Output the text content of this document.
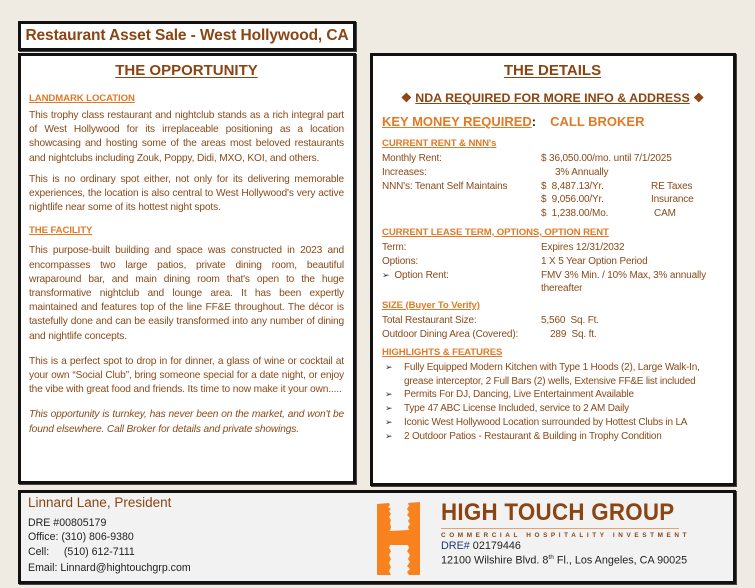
Restaurant Asset Sale - West Hollywood, CA
THE OPPORTUNITY
LANDMARK LOCATION

This trophy class restaurant and nightclub stands as a rich integral part of West Hollywood for its irreplaceable positioning as a location showcasing and hosting some of the areas most beloved restaurants and nightclubs including Zouk, Poppy, Didi, MXO, KOI, and others.

This is no ordinary spot either, not only for its delivering memorable experiences, the location is also central to West Hollywood's very active nightlife near some of its hottest night spots.

THE FACILITY

This purpose-built building and space was constructed in 2023 and encompasses two large patios, private dining room, beautiful wraparound bar, and main dining room that's open to the huge transformative nightclub and lounge area. It has been expertly maintained and features top of the line FF&E throughout. The décor is tastefully done and can be easily transformed into any number of dining and nightlife concepts.

This is a perfect spot to drop in for dinner, a glass of wine or cocktail at your own “Social Club”, bring someone special for a date night, or enjoy the vibe with great food and friends. Its time to now make it your own.....

This opportunity is turnkey, has never been on the market, and won't be found elsewhere. Call Broker for details and private showings.

THE DETAILS
❖ NDA REQUIRED FOR MORE INFO & ADDRESS ❖
KEY MONEY REQUIRED: CALL BROKER
CURRENT RENT & NNN's
Monthly Rent:	$ 36,050.00/mo. until 7/1/2025
Increases:	3% Annually
NNN's: Tenant Self Maintains	$  8,487.13/Yr.	RE Taxes
$  9,056.00/Yr.	Insurance
$  1,238.00/Mo.	CAM
CURRENT LEASE TERM, OPTIONS, OPTION RENT
Term:	Expires 12/31/2032
Options:	1 X 5 Year Option Period
➢ Option Rent:	FMV 3% Min. / 10% Max, 3% annually
thereafter
SIZE (Buyer To Verify)
Total Restaurant Size:	5,560  Sq. Ft.
Outdoor Dining Area (Covered):	289  Sq. ft.
HIGHLIGHTS & FEATURES
➢ Fully Equipped Modern Kitchen with Type 1 Hoods (2), Large Walk-In, grease interceptor, 2 Full Bars (2) wells, Extensive FF&E list included
➢ Permits For DJ, Dancing, Live Entertainment Available
➢ Type 47 ABC License Included, service to 2 AM Daily
➢ Iconic West Hollywood Location surrounded by Hottest Clubs in LA
➢ 2 Outdoor Patios - Restaurant & Building in Trophy Condition
Linnard Lane, President
DRE #00805179
Office: (310) 806-9380
Cell:     (510) 612-7111
Email: Linnard@hightouchgrp.com
HIGH TOUCH GROUP
COMMERCIAL HOSPITALITY INVESTMENT
DRE# 02179446
12100 Wilshire Blvd. 8th Fl., Los Angeles, CA 90025
